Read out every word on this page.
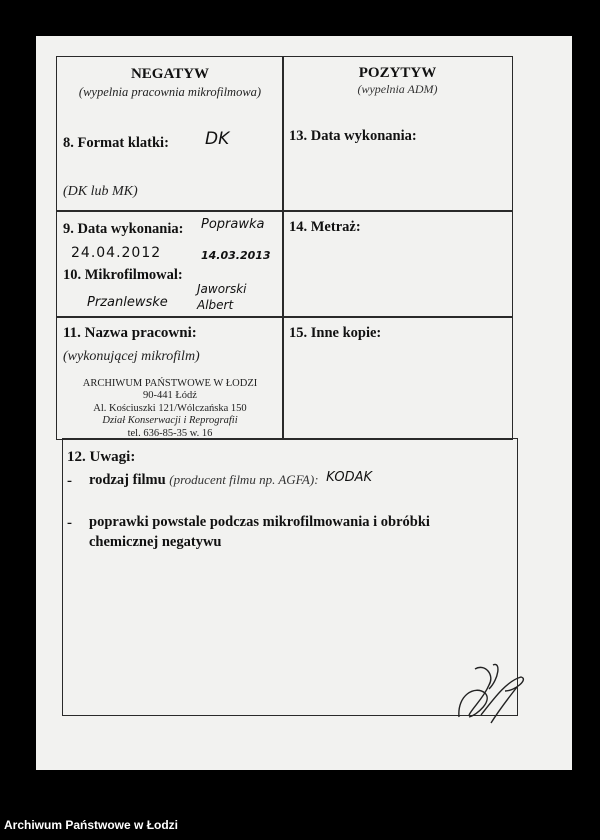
NEGATYW
(wypelnia pracownia mikrofilmowa)
8. Format klatki: DK
(DK lub MK)
POZYTYW
(wypelnia ADM)
13. Data wykonania:
9. Data wykonania: Poprawka
24.04.2012	14.03.2013
10. Mikrofilmowal:
Przanlewske
Jaworski Albert
14. Metraż:
11. Nazwa pracowni:
(wykonującej mikrofilm)
ARCHIWUM PAŃSTWOWE W ŁODZI
90-441 Łódź
Al. Kościuszki 121/Wólczańska 150
Dział Konserwacji i Reprografii
tel. 636-85-35 w. 16
15. Inne kopie:
12. Uwagi:
- rodzaj filmu (producent filmu np. AGFA): KODAK
- poprawki powstale podczas mikrofilmowania i obróbki
chemicznej negatywu
Archiwum Państwowe w Łodzi
